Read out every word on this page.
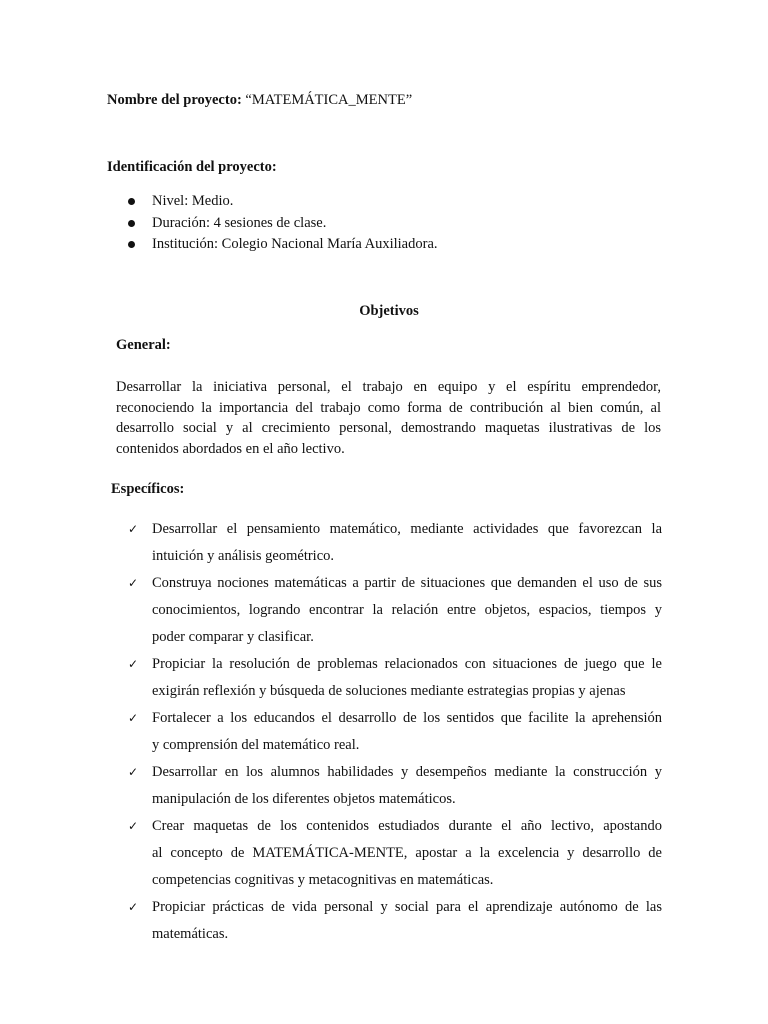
Nombre del proyecto: “MATEMÁTICA_MENTE”
Identificación del proyecto:
Nivel: Medio.
Duración: 4 sesiones de clase.
Institución: Colegio Nacional María Auxiliadora.
Objetivos
General:
Desarrollar la iniciativa personal, el trabajo en equipo y el espíritu emprendedor,
reconociendo la importancia del trabajo como forma de contribución al bien común, al
desarrollo social y al crecimiento personal, demostrando maquetas ilustrativas de los
contenidos abordados en el año lectivo.
Específicos:
✓ Desarrollar el pensamiento matemático, mediante actividades que favorezcan la
intuición y análisis geométrico.
✓ Construya nociones matemáticas a partir de situaciones que demanden el uso de sus
conocimientos, logrando encontrar la relación entre objetos, espacios, tiempos y
poder comparar y clasificar.
✓ Propiciar la resolución de problemas relacionados con situaciones de juego que le
exigirán reflexión y búsqueda de soluciones mediante estrategias propias y ajenas
✓ Fortalecer a los educandos el desarrollo de los sentidos que facilite la aprehensión
y comprensión del matemático real.
✓ Desarrollar en los alumnos habilidades y desempeños mediante la construcción y
manipulación de los diferentes objetos matemáticos.
✓ Crear maquetas de los contenidos estudiados durante el año lectivo, apostando
al concepto de MATEMÁTICA-MENTE, apostar a la excelencia y desarrollo de
competencias cognitivas y metacognitivas en matemáticas.
✓ Propiciar prácticas de vida personal y social para el aprendizaje autónomo de las
matemáticas.
